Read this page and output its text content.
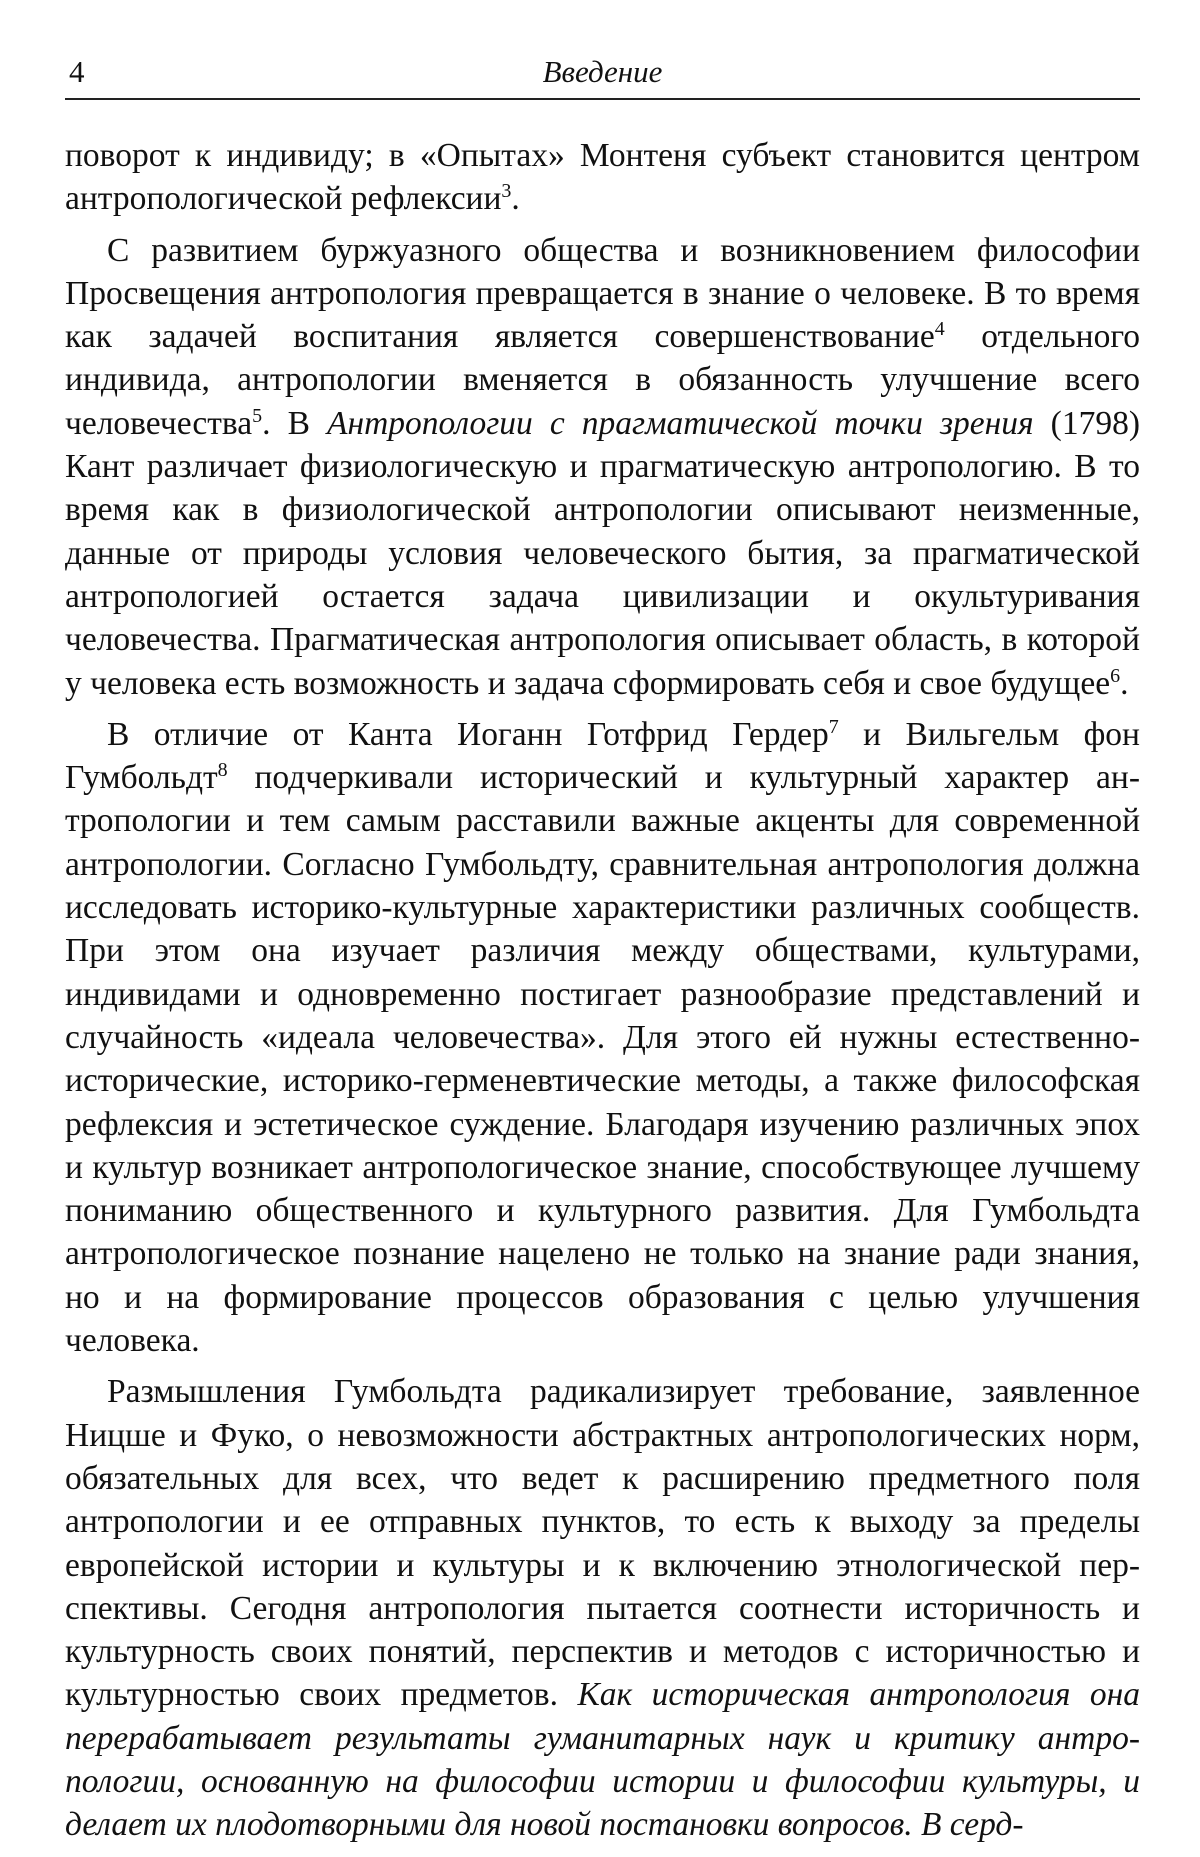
4	Введение

поворот к индивиду; в «Опытах» Монтеня субъект становится центром антропологической рефлексии$^3$.

С развитием буржуазного общества и возникновением философии Просвещения антропология превращается в знание о человеке. В то время как задачей воспитания является совершенствование$^4$ отдельного индивида, антропологии вменяется в обязанность улучшение всего человечества$^5$. В Антропологии с прагматической точки зрения (1798) Кант различает физиологическую и прагматическую антропологию. В то время как в физиологической антропологии описывают неизменные, данные от природы условия человеческого бытия, за прагматической антропологией остается задача цивилизации и окультуривания человечества. Прагматическая антропология описывает область, в которой у человека есть возможность и задача сформировать себя и свое будущее$^6$.

В отличие от Канта Иоганн Готфрид Гердер$^7$ и Вильгельм фон Гумбольдт$^8$ подчеркивали исторический и культурный характер антропологии и тем самым расставили важные акценты для современной антропологии. Согласно Гумбольдту, сравнительная антропология должна исследовать историко-культурные характеристики различных сообществ. При этом она изучает различия между обществами, культурами, индивидами и одновременно постигает разнообразие представлений и случайность «идеала человечества». Для этого ей нужны естественно-исторические, историко-герменевтические методы, а также философская рефлексия и эстетическое суждение. Благодаря изучению различных эпох и культур возникает антропологическое знание, способствующее лучшему пониманию общественного и культурного развития. Для Гумбольдта антропологическое познание нацелено не только на знание ради знания, но и на формирование процессов образования с целью улучшения человека.

Размышления Гумбольдта радикализирует требование, заявленное Ницше и Фуко, о невозможности абстрактных антропологических норм, обязательных для всех, что ведет к расширению предметного поля антропологии и ее отправных пунктов, то есть к выходу за пределы европейской истории и культуры и к включению этнологической перспективы. Сегодня антропология пытается соотнести историчность и культурность своих понятий, перспектив и методов с историчностью и культурностью своих предметов. Как историческая антропология она перерабатывает результаты гуманитарных наук и критику антропологии, основанную на философии истории и философии культуры, и делает их плодотворными для новой постановки вопросов. В серд-
